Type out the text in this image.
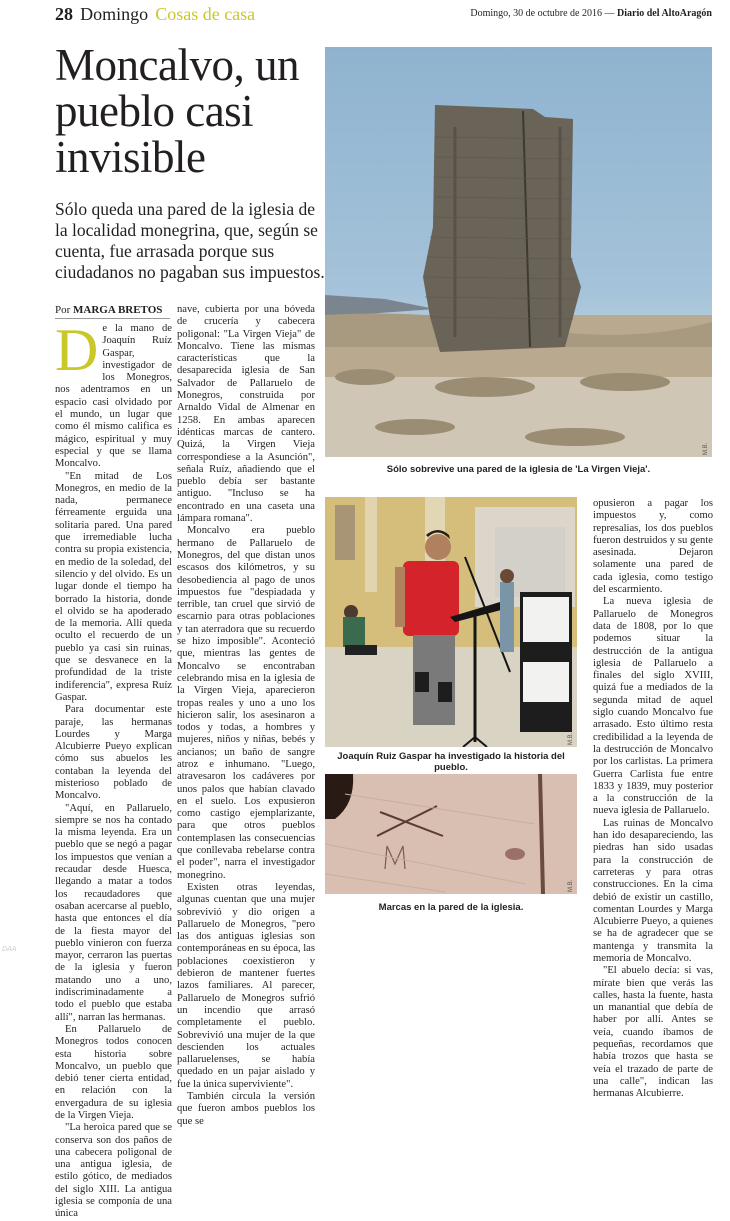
28 Domingo Cosas de casa	Domingo, 30 de octubre de 2016 — Diario del AltoAragón
Moncalvo, un pueblo casi invisible

Sólo queda una pared de la iglesia de la localidad monegrina, que, según se cuenta, fue arrasada porque sus ciudadanos no pagaban sus impuestos.

Por MARGA BRETOS

De la mano de Joaquín Ruíz Gaspar, investigador de los Monegros, nos adentramos en un espacio casi olvidado por el mundo, un lugar que como él mismo califica es mágico, espiritual y muy especial y que se llama Moncalvo.

"En mitad de Los Monegros, en medio de la nada, permanece férreamente erguida una solitaria pared. Una pared que irremediable lucha contra su propia existencia, en medio de la soledad, del silencio y del olvido. Es un lugar donde el tiempo ha borrado la historia, donde el olvido se ha apoderado de la memoria. Allí queda oculto el recuerdo de un pueblo ya casi sin ruinas, que se desvanece en la profundidad de la triste indiferencia", expresa Ruíz Gaspar.

Para documentar este paraje, las hermanas Lourdes y Marga Alcubierre Pueyo explican cómo sus abuelos les contaban la leyenda del misterioso poblado de Moncalvo.

"Aquí, en Pallaruelo, siempre se nos ha contado la misma leyenda. Era un pueblo que se negó a pagar los impuestos que venían a recaudar desde Huesca, llegando a matar a todos los recaudadores que osaban acercarse al pueblo, hasta que entonces el día de la fiesta mayor del pueblo vinieron con fuerza mayor, cerraron las puertas de la iglesia y fueron matando uno a uno, indiscriminadamente a todo el pueblo que estaba allí", narran las hermanas.

En Pallaruelo de Monegros todos conocen esta historia sobre Moncalvo, un pueblo que debió tener cierta entidad, en relación con la envergadura de su iglesia de la Virgen Vieja.

"La heroica pared que se conserva son dos paños de una cabecera poligonal de una antigua iglesia, de estilo gótico, de mediados del siglo XIII. La antigua iglesia se componía de una única

nave, cubierta por una bóveda de crucería y cabecera poligonal: "La Virgen Vieja" de Moncalvo. Tiene las mismas características que la desaparecida iglesia de San Salvador de Pallaruelo de Monegros, construida por Arnaldo Vidal de Almenar en 1258. En ambas aparecen idénticas marcas de cantero. Quizá, la Virgen Vieja correspondiese a la Asunción", señala Ruíz, añadiendo que el pueblo debía ser bastante antiguo. "Incluso se ha encontrado en una caseta una lámpara romana".

Moncalvo era pueblo hermano de Pallaruelo de Monegros, del que distan unos escasos dos kilómetros, y su desobediencia al pago de unos impuestos fue "despiadada y terrible, tan cruel que sirvió de escarnio para otras poblaciones y tan aterradora que su recuerdo se hizo imposible". Aconteció que, mientras las gentes de Moncalvo se encontraban celebrando misa en la iglesia de la Virgen Vieja, aparecieron tropas reales y uno a uno los hicieron salir, los asesinaron a todos y todas, a hombres y mujeres, niños y niñas, bebés y ancianos; un baño de sangre atroz e inhumano. "Luego, atravesaron los cadáveres por unos palos que habían clavado en el suelo. Los expusieron como castigo ejemplarizante, para que otros pueblos contemplasen las consecuencias que conllevaba rebelarse contra el poder", narra el investigador monegrino.

Existen otras leyendas, algunas cuentan que una mujer sobrevivió y dio origen a Pallaruelo de Monegros, "pero las dos antiguas iglesias son contemporáneas en su época, las poblaciones coexistieron y debieron de mantener fuertes lazos familiares. Al parecer, Pallaruelo de Monegros sufrió un incendio que arrasó completamente el pueblo. Sobrevivió una mujer de la que descienden los actuales pallaruelenses, se había quedado en un pajar aislado y fue la única superviviente".

También circula la versión que fueron ambos pueblos los que se

opusieron a pagar los impuestos y, como represalias, los dos pueblos fueron destruidos y su gente asesinada. Dejaron solamente una pared de cada iglesia, como testigo del escarmiento.

La nueva iglesia de Pallaruelo de Monegros data de 1808, por lo que podemos situar la destrucción de la antigua iglesia de Pallaruelo a finales del siglo XVIII, quizá fue a mediados de la segunda mitad de aquel siglo cuando Moncalvo fue arrasado. Esto último resta credibilidad a la leyenda de la destrucción de Moncalvo por los carlistas. La primera Guerra Carlista fue entre 1833 y 1839, muy posterior a la construcción de la nueva iglesia de Pallaruelo.

Las ruinas de Moncalvo han ido desapareciendo, las piedras han sido usadas para la construcción de carreteras y para otras construcciones. En la cima debió de existir un castillo, comentan Lourdes y Marga Alcubierre Pueyo, a quienes se ha de agradecer que se mantenga y transmita la memoria de Moncalvo.

"El abuelo decía: si vas, mírate bien que verás las calles, hasta la fuente, hasta un manantial que debía de haber por allí. Antes se veía, cuando íbamos de pequeñas, recordamos que había trozos que hasta se veía el trazado de parte de una calle", indican las hermanas Alcubierre.

M.B.
Sólo sobrevive una pared de la iglesia de 'La Virgen Vieja'.
M.B.
Joaquín Ruiz Gaspar ha investigado la historia del pueblo.
M.B.
Marcas en la pared de la iglesia.
DAA
